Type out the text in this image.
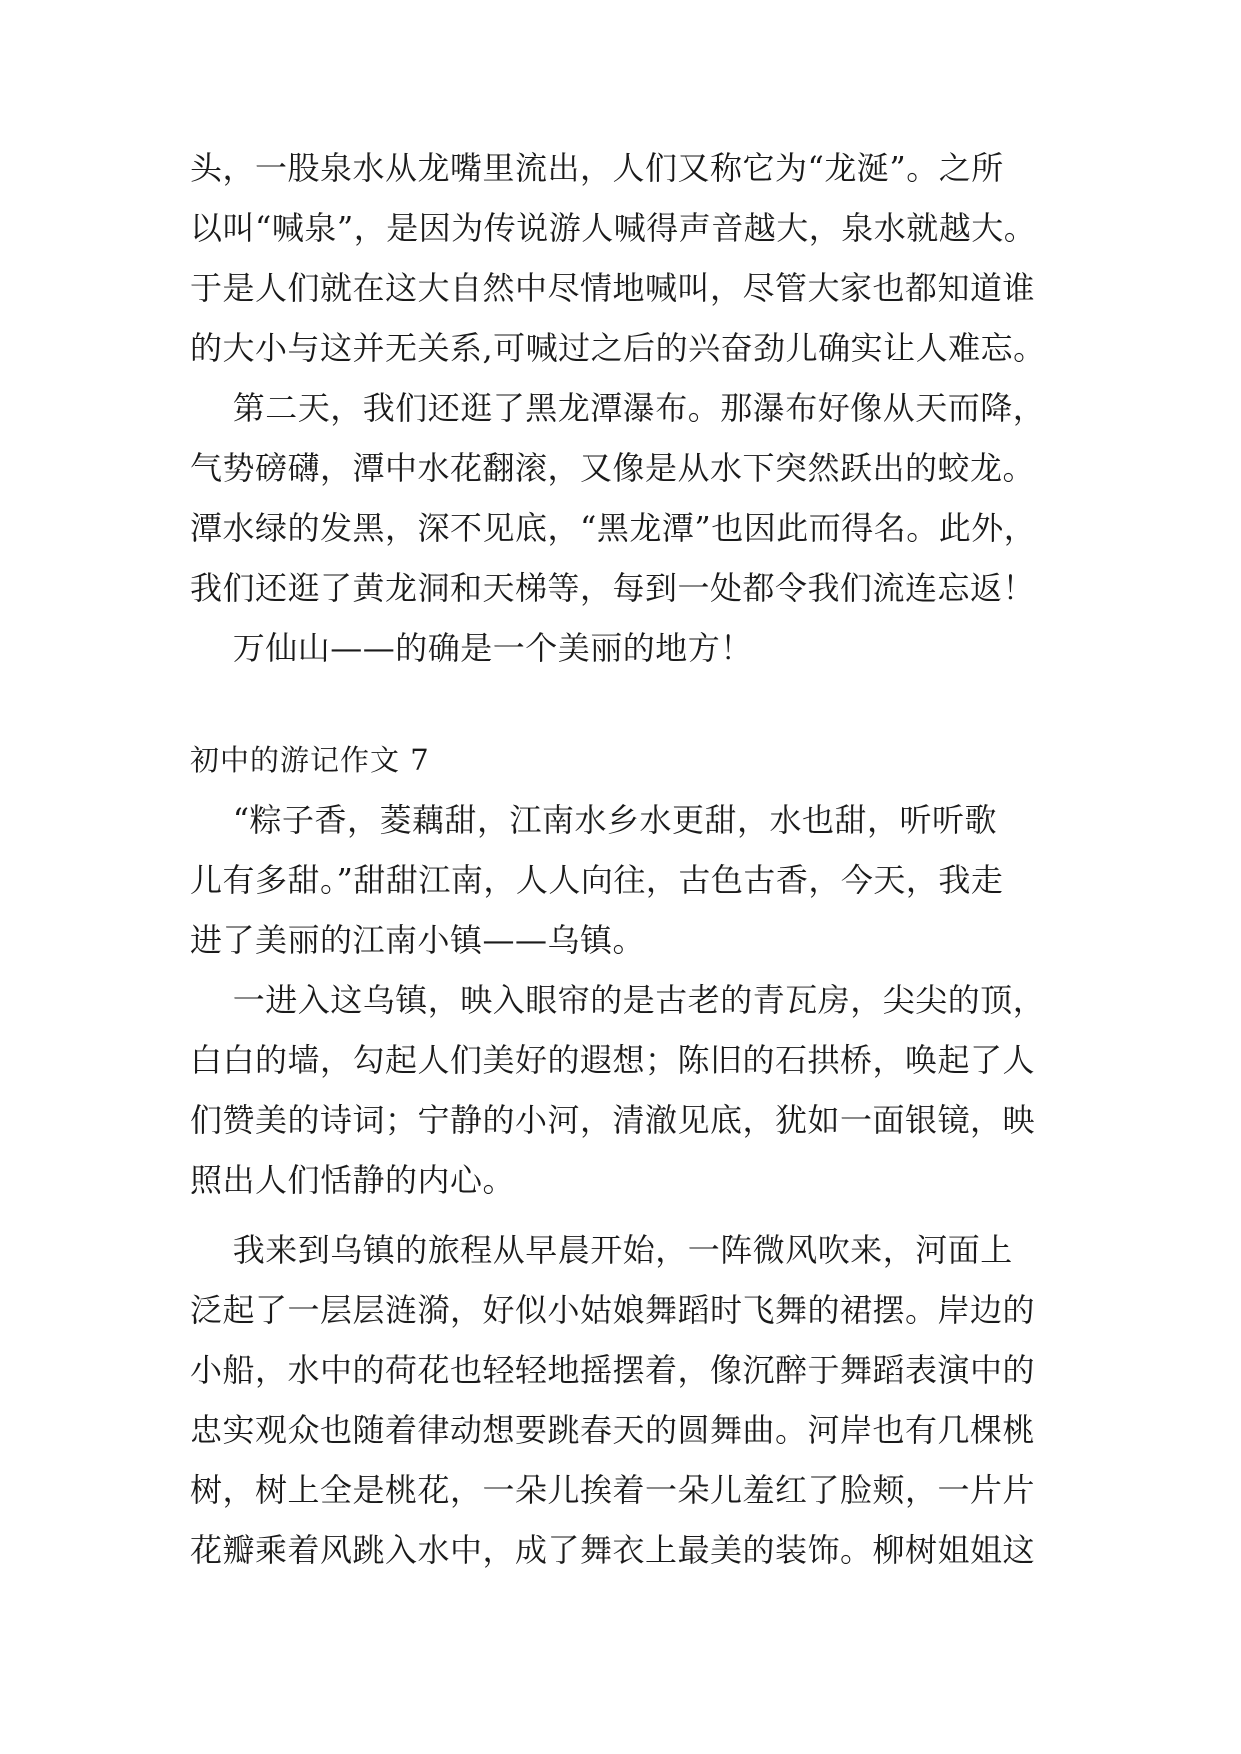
头，一股泉水从龙嘴里流出，人们又称它为“龙涎”。之所
以叫“喊泉”，是因为传说游人喊得声音越大，泉水就越大。
于是人们就在这大自然中尽情地喊叫，尽管大家也都知道谁
的大小与这并无关系,可喊过之后的兴奋劲儿确实让人难忘。
第二天，我们还逛了黑龙潭瀑布。那瀑布好像从天而降，
气势磅礴，潭中水花翻滚，又像是从水下突然跃出的蛟龙。
潭水绿的发黑，深不见底，“黑龙潭”也因此而得名。此外，
我们还逛了黄龙洞和天梯等，每到一处都令我们流连忘返！
万仙山——的确是一个美丽的地方！
初中的游记作文 7
“粽子香，菱藕甜，江南水乡水更甜，水也甜，听听歌
儿有多甜。”甜甜江南，人人向往，古色古香，今天，我走
进了美丽的江南小镇——乌镇。
一进入这乌镇，映入眼帘的是古老的青瓦房，尖尖的顶，
白白的墙，勾起人们美好的遐想；陈旧的石拱桥，唤起了人
们赞美的诗词；宁静的小河，清澈见底，犹如一面银镜，映
照出人们恬静的内心。
我来到乌镇的旅程从早晨开始，一阵微风吹来，河面上
泛起了一层层涟漪，好似小姑娘舞蹈时飞舞的裙摆。岸边的
小船，水中的荷花也轻轻地摇摆着，像沉醉于舞蹈表演中的
忠实观众也随着律动想要跳春天的圆舞曲。河岸也有几棵桃
树，树上全是桃花，一朵儿挨着一朵儿羞红了脸颊，一片片
花瓣乘着风跳入水中，成了舞衣上最美的装饰。柳树姐姐这
